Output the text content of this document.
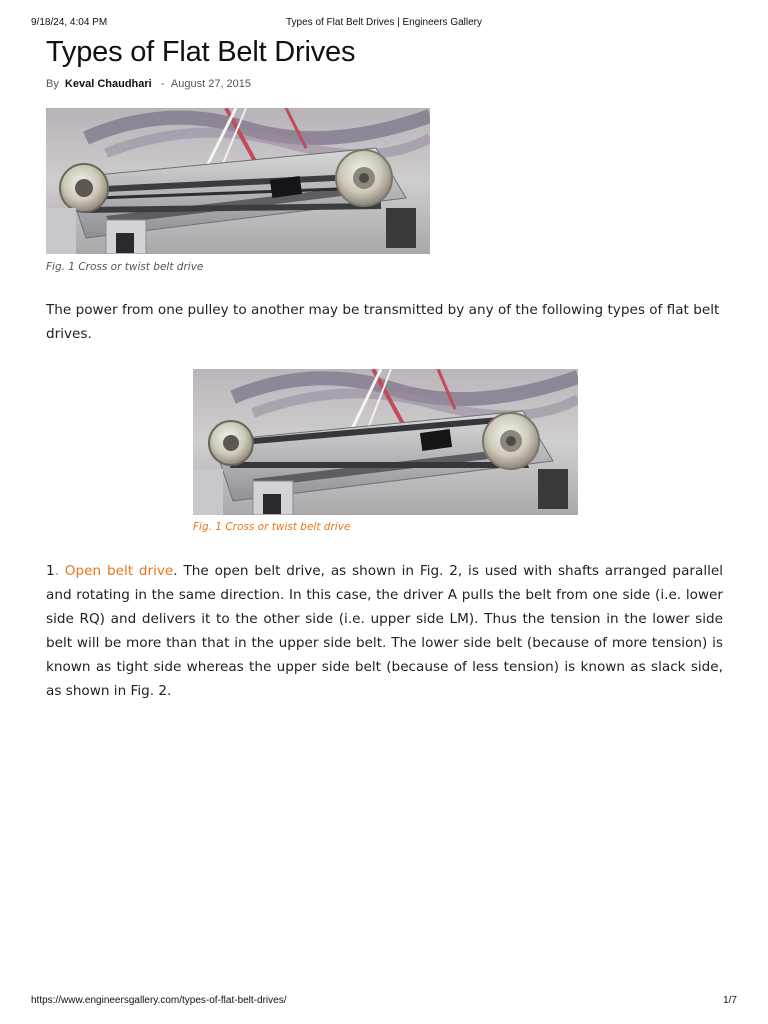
9/18/24, 4:04 PM	Types of Flat Belt Drives | Engineers Gallery
Types of Flat Belt Drives
By Keval Chaudhari - August 27, 2015
Fig. 1 Cross or twist belt drive

The power from one pulley to another may be transmitted by any of the following types of flat belt drives.

Fig. 1 Cross or twist belt drive

1. Open belt drive. The open belt drive, as shown in Fig. 2, is used with shafts arranged parallel and rotating in the same direction. In this case, the driver A pulls the belt from one side (i.e. lower side RQ) and delivers it to the other side (i.e. upper side LM). Thus the tension in the lower side belt will be more than that in the upper side belt. The lower side belt (because of more tension) is known as tight side whereas the upper side belt (because of less tension) is known as slack side, as shown in Fig. 2.

https://www.engineersgallery.com/types-of-flat-belt-drives/	1/7
